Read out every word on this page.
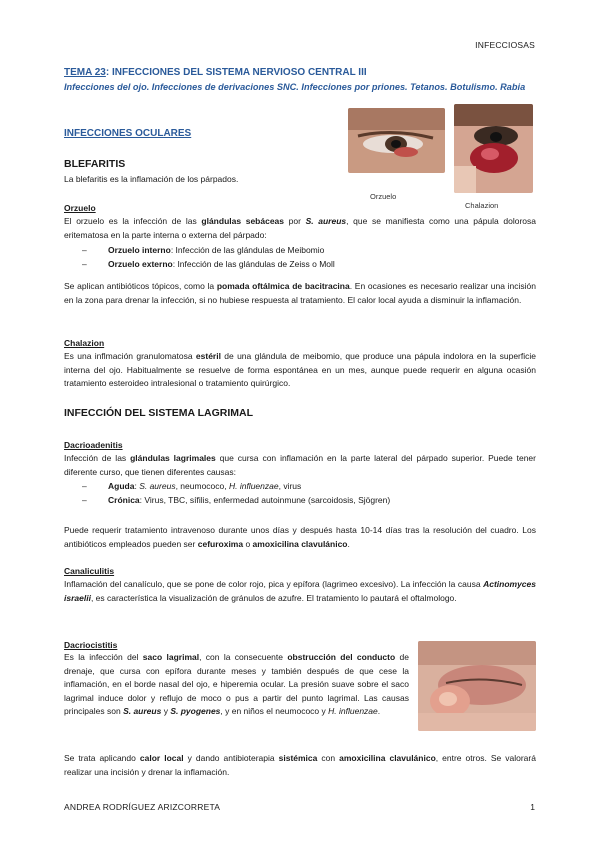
INFECCIOSAS
TEMA 23: INFECCIONES DEL SISTEMA NERVIOSO CENTRAL III
Infecciones del ojo. Infecciones de derivaciones SNC. Infecciones por priones. Tetanos. Botulismo. Rabia
Orzuelo
Chalazion
INFECCIONES OCULARES
BLEFARITIS
La blefaritis es la inflamación de los párpados.
Orzuelo
El orzuelo es la infección de las glándulas sebáceas por S. aureus, que se manifiesta como una pápula dolorosa eritematosa en la parte interna o externa del párpado:
–	Orzuelo interno: Infección de las glándulas de Meibomio
–	Orzuelo externo: Infección de las glándulas de Zeiss o Moll
Se aplican antibióticos tópicos, como la pomada oftálmica de bacitracina. En ocasiones es necesario realizar una incisión en la zona para drenar la infección, si no hubiese respuesta al tratamiento. El calor local ayuda a disminuir la inflamación.
Chalazion
Es una inflmación granulomatosa estéril de una glándula de meibomio, que produce una pápula indolora en la superficie interna del ojo. Habitualmente se resuelve de forma espontánea en un mes, aunque puede requerir en alguna ocasión tratamiento esteroideo intralesional o tratamiento quirúrgico.
INFECCIÓN DEL SISTEMA LAGRIMAL
Dacrioadenitis
Infección de las glándulas lagrimales que cursa con inflamación en la parte lateral del párpado superior. Puede tener diferente curso, que tienen diferentes causas:
–	Aguda: S. aureus, neumococo, H. influenzae, virus
–	Crónica: Virus, TBC, sífilis, enfermedad autoinmune (sarcoidosis, Sjögren)
Puede requerir tratamiento intravenoso durante unos días y después hasta 10-14 días tras la resolución del cuadro. Los antibióticos empleados pueden ser cefuroxima o amoxicilina clavulánico.
Canaliculitis
Inflamación del canalículo, que se pone de color rojo, pica y epífora (lagrimeo excesivo). La infección la causa Actinomyces israelii, es característica la visualización de gránulos de azufre. El tratamiento lo pautará el oftalmologo.
Dacriocistitis
Es la infección del saco lagrimal, con la consecuente obstrucción del conducto de drenaje, que cursa con epífora durante meses y también después de que cese la inflamación, en el borde nasal del ojo, e hiperemia ocular. La presión suave sobre el saco lagrimal induce dolor y reflujo de moco o pus a partir del punto lagrimal. Las causas principales son S. aureus y S. pyogenes, y en niños el neumococo y H. influenzae.
Se trata aplicando calor local y dando antibioterapia sistémica con amoxicilina clavulánico, entre otros. Se valorará realizar una incisión y drenar la inflamación.
ANDREA RODRÍGUEZ ARIZCORRETA	1
